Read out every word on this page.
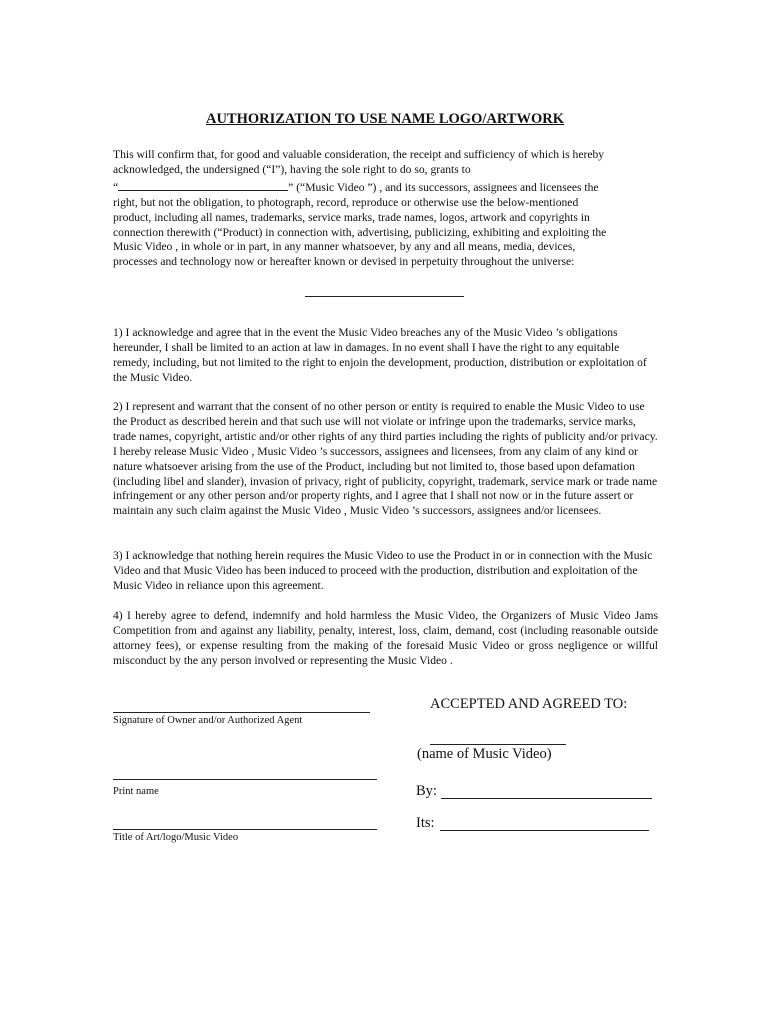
AUTHORIZATION TO USE NAME LOGO/ARTWORK
This will confirm that, for good and valuable consideration, the receipt and sufficiency of which is hereby
acknowledged, the undersigned (“I”), having the sole right to do so, grants to
“	” (“Music Video ”) , and its successors, assignees and licensees the
right, but not the obligation, to photograph, record, reproduce or otherwise use the below-mentioned
product, including all names, trademarks, service marks, trade names, logos, artwork and copyrights in
connection therewith (“Product) in connection with, advertising, publicizing, exhibiting and exploiting the
Music Video , in whole or in part, in any manner whatsoever, by any and all means, media, devices,
processes and technology now or hereafter known or devised in perpetuity throughout the universe:

1) I acknowledge and agree that in the event the Music Video breaches any of the Music Video ’s obligations hereunder, I shall be limited to an action at law in damages. In no event shall I have the right to any equitable remedy, including, but not limited to the right to enjoin the development, production, distribution or exploitation of the Music Video.

2) I represent and warrant that the consent of no other person or entity is required to enable the Music Video to use the Product as described herein and that such use will not violate or infringe upon the trademarks, service marks, trade names, copyright, artistic and/or other rights of any third parties including the rights of publicity and/or privacy. I hereby release Music Video , Music Video ’s successors, assignees and licensees, from any claim of any kind or nature whatsoever arising from the use of the Product, including but not limited to, those based upon defamation (including libel and slander), invasion of privacy, right of publicity, copyright, trademark, service mark or trade name infringement or any other person and/or property rights, and I agree that I shall not now or in the future assert or maintain any such claim against the Music Video , Music Video ’s successors, assignees and/or licensees.

3) I acknowledge that nothing herein requires the Music Video to use the Product in or in connection with the Music Video and that Music Video has been induced to proceed with the production, distribution and exploitation of the Music Video in reliance upon this agreement.

4) I hereby agree to defend, indemnify and hold harmless the Music Video, the Organizers of Music Video Jams Competition from and against any liability, penalty, interest, loss, claim, demand, cost (including reasonable outside attorney fees), or expense resulting from the making of the foresaid Music Video or gross negligence or willful misconduct by the any person involved or representing the Music Video .

Signature of Owner and/or Authorized Agent
Print name
Title of Art/logo/Music Video
ACCEPTED AND AGREED TO:
(name of Music Video)
By:
Its:
